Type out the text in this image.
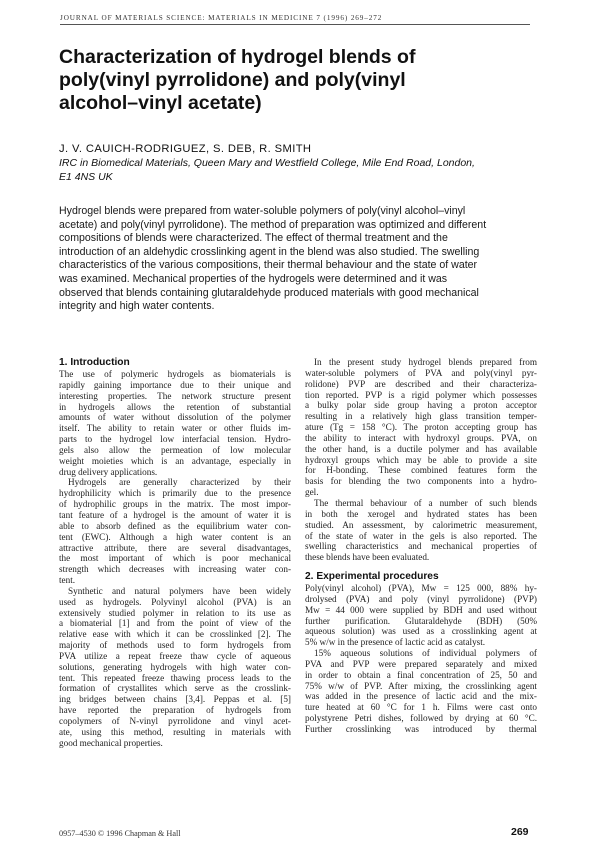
JOURNAL OF MATERIALS SCIENCE: MATERIALS IN MEDICINE 7 (1996) 269–272
Characterization of hydrogel blends of
poly(vinyl pyrrolidone) and poly(vinyl
alcohol–vinyl acetate)
J. V. CAUICH-RODRIGUEZ, S. DEB, R. SMITH
IRC in Biomedical Materials, Queen Mary and Westfield College, Mile End Road, London,
E1 4NS UK
Hydrogel blends were prepared from water-soluble polymers of poly(vinyl alcohol–vinyl
acetate) and poly(vinyl pyrrolidone). The method of preparation was optimized and different
compositions of blends were characterized. The effect of thermal treatment and the
introduction of an aldehydic crosslinking agent in the blend was also studied. The swelling
characteristics of the various compositions, their thermal behaviour and the state of water
was examined. Mechanical properties of the hydrogels were determined and it was
observed that blends containing glutaraldehyde produced materials with good mechanical
integrity and high water contents.
1. Introduction
The use of polymeric hydrogels as biomaterials is
rapidly gaining importance due to their unique and
interesting properties. The network structure present
in hydrogels allows the retention of substantial
amounts of water without dissolution of the polymer
itself. The ability to retain water or other fluids im-
parts to the hydrogel low interfacial tension. Hydro-
gels also allow the permeation of low molecular
weight moieties which is an advantage, especially in
drug delivery applications.
Hydrogels are generally characterized by their
hydrophilicity which is primarily due to the presence
of hydrophilic groups in the matrix. The most impor-
tant feature of a hydrogel is the amount of water it is
able to absorb defined as the equilibrium water con-
tent (EWC). Although a high water content is an
attractive attribute, there are several disadvantages,
the most important of which is poor mechanical
strength which decreases with increasing water con-
tent.
Synthetic and natural polymers have been widely
used as hydrogels. Polyvinyl alcohol (PVA) is an
extensively studied polymer in relation to its use as
a biomaterial [1] and from the point of view of the
relative ease with which it can be crosslinked [2]. The
majority of methods used to form hydrogels from
PVA utilize a repeat freeze thaw cycle of aqueous
solutions, generating hydrogels with high water con-
tent. This repeated freeze thawing process leads to the
formation of crystallites which serve as the crosslink-
ing bridges between chains [3,4]. Peppas et al. [5]
have reported the preparation of hydrogels from
copolymers of N-vinyl pyrrolidone and vinyl acet-
ate, using this method, resulting in materials with
good mechanical properties.
In the present study hydrogel blends prepared from
water-soluble polymers of PVA and poly(vinyl pyr-
rolidone) PVP are described and their characteriza-
tion reported. PVP is a rigid polymer which possesses
a bulky polar side group having a proton acceptor
resulting in a relatively high glass transition temper-
ature (Tg = 158 °C). The proton accepting group has
the ability to interact with hydroxyl groups. PVA, on
the other hand, is a ductile polymer and has available
hydroxyl groups which may be able to provide a site
for H-bonding. These combined features form the
basis for blending the two components into a hydro-
gel.
The thermal behaviour of a number of such blends
in both the xerogel and hydrated states has been
studied. An assessment, by calorimetric measurement,
of the state of water in the gels is also reported. The
swelling characteristics and mechanical properties of
these blends have been evaluated.
2. Experimental procedures
Poly(vinyl alcohol) (PVA), Mw = 125 000, 88% hy-
drolysed (PVA) and poly (vinyl pyrrolidone) (PVP)
Mw = 44 000 were supplied by BDH and used without
further purification. Glutaraldehyde (BDH) (50%
aqueous solution) was used as a crosslinking agent at
5% w/w in the presence of lactic acid as catalyst.
15% aqueous solutions of individual polymers of
PVA and PVP were prepared separately and mixed
in order to obtain a final concentration of 25, 50 and
75% w/w of PVP. After mixing, the crosslinking agent
was added in the presence of lactic acid and the mix-
ture heated at 60 °C for 1 h. Films were cast onto
polystyrene Petri dishes, followed by drying at 60 °C.
Further crosslinking was introduced by thermal
0957–4530 © 1996 Chapman & Hall	269
